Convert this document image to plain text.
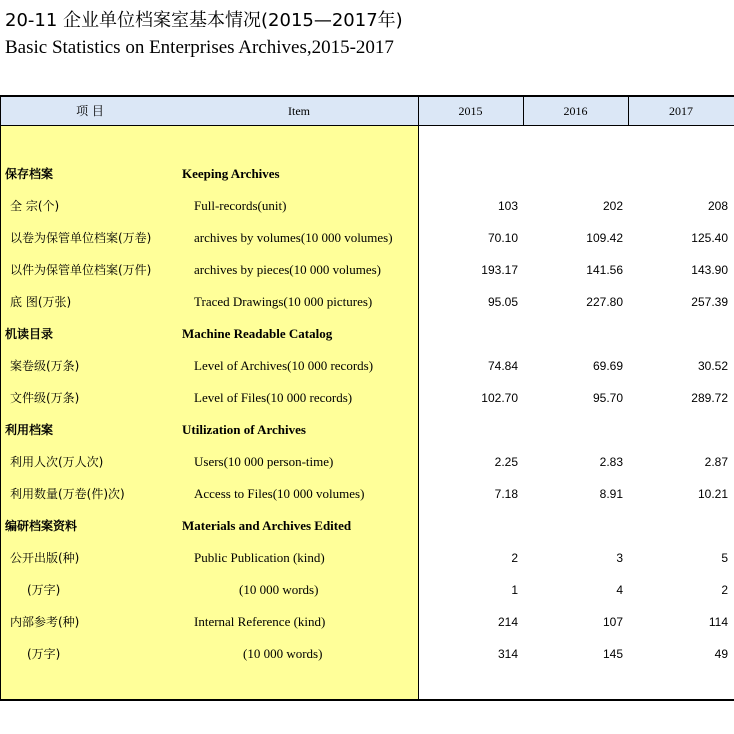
20-11 企业单位档案室基本情况(2015—2017年)
Basic Statistics on Enterprises Archives,2015-2017
项 目	Item	2015	2016	2017
保存档案	Keeping Archives
全 宗(个)	Full-records(unit)	103	202	208
以卷为保管单位档案(万卷)	archives by volumes(10 000 volumes)	70.10	109.42	125.40
以件为保管单位档案(万件)	archives by pieces(10 000 volumes)	193.17	141.56	143.90
底 图(万张)	Traced Drawings(10 000 pictures)	95.05	227.80	257.39
机读目录	Machine Readable Catalog
案卷级(万条)	Level of Archives(10 000 records)	74.84	69.69	30.52
文件级(万条)	Level of Files(10 000 records)	102.70	95.70	289.72
利用档案	Utilization of Archives
利用人次(万人次)	Users(10 000 person-time)	2.25	2.83	2.87
利用数量(万卷(件)次)	Access to Files(10 000 volumes)	7.18	8.91	10.21
编研档案资料	Materials and Archives Edited
公开出版(种)	Public Publication (kind)	2	3	5
(万字)	(10 000 words)	1	4	2
内部参考(种)	Internal Reference (kind)	214	107	114
(万字)	(10 000 words)	314	145	49
